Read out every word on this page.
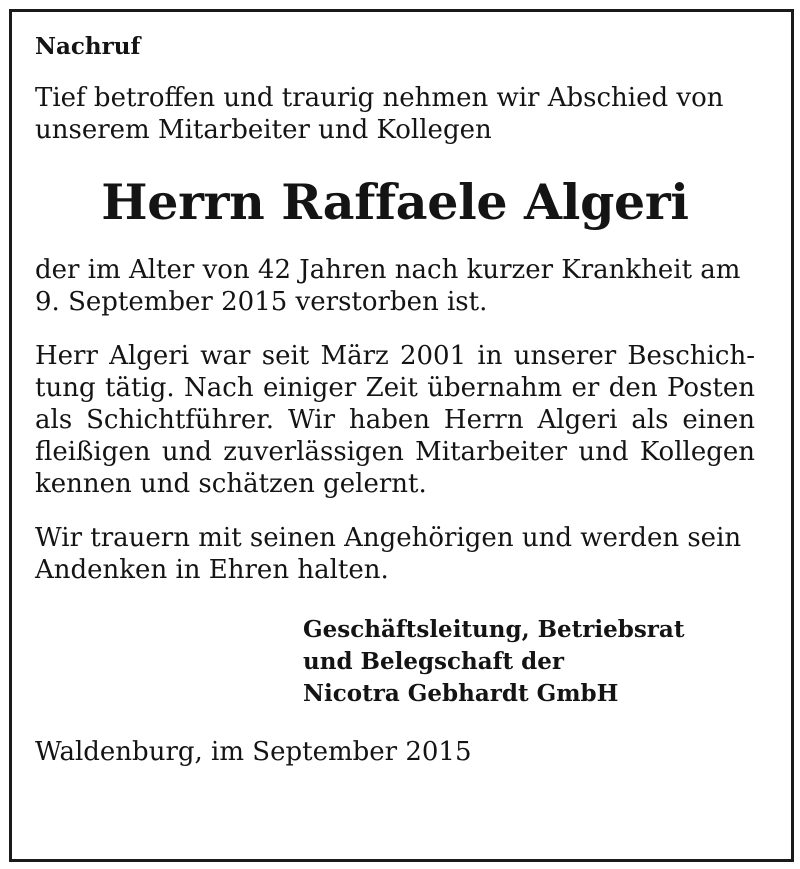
Nachruf

Tief betroffen und traurig nehmen wir Abschied von unserem Mitarbeiter und Kollegen

Herrn Raffaele Algeri

der im Alter von 42 Jahren nach kurzer Krankheit am 9. September 2015 verstorben ist.

Herr Algeri war seit März 2001 in unserer Beschichtung tätig. Nach einiger Zeit übernahm er den Posten als Schichtführer. Wir haben Herrn Algeri als einen fleißigen und zuverlässigen Mitarbeiter und Kollegen kennen und schätzen gelernt.

Wir trauern mit seinen Angehörigen und werden sein Andenken in Ehren halten.

Geschäftsleitung, Betriebsrat
und Belegschaft der
Nicotra Gebhardt GmbH

Waldenburg, im September 2015
